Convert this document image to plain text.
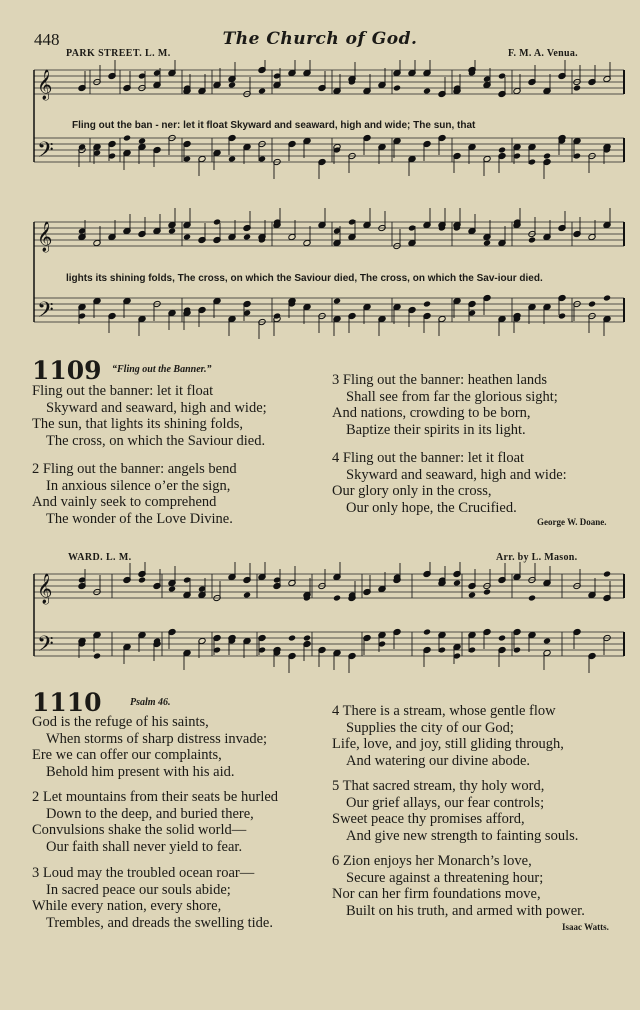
448	The Church of God.
PARK STREET. L. M.	F. M. A. Venua.
𝄞
𝄢
Fling out the ban - ner: let it float Skyward and seaward, high and wide; The sun, that
𝄞
𝄢
lights its shining folds, The cross, on which the Saviour died, The cross, on which the Sav-iour died.
1109 “Fling out the Banner.”
Fling out the banner: let it float
Skyward and seaward, high and wide;
The sun, that lights its shining folds,
The cross, on which the Saviour died.
2 Fling out the banner: angels bend
In anxious silence o’er the sign,
And vainly seek to comprehend
The wonder of the Love Divine.
3 Fling out the banner: heathen lands
Shall see from far the glorious sight;
And nations, crowding to be born,
Baptize their spirits in its light.
4 Fling out the banner: let it float
Skyward and seaward, high and wide:
Our glory only in the cross,
Our only hope, the Crucified.
George W. Doane.
WARD. L. M.	Arr. by L. Mason.
𝄞
𝄢
1110	Psalm 46.
God is the refuge of his saints,
When storms of sharp distress invade;
Ere we can offer our complaints,
Behold him present with his aid.
2 Let mountains from their seats be hurled
Down to the deep, and buried there,
Convulsions shake the solid world—
Our faith shall never yield to fear.
3 Loud may the troubled ocean roar—
In sacred peace our souls abide;
While every nation, every shore,
Trembles, and dreads the swelling tide.
4 There is a stream, whose gentle flow
Supplies the city of our God;
Life, love, and joy, still gliding through,
And watering our divine abode.
5 That sacred stream, thy holy word,
Our grief allays, our fear controls;
Sweet peace thy promises afford,
And give new strength to fainting souls.
6 Zion enjoys her Monarch’s love,
Secure against a threatening hour;
Nor can her firm foundations move,
Built on his truth, and armed with power.
Isaac Watts.
